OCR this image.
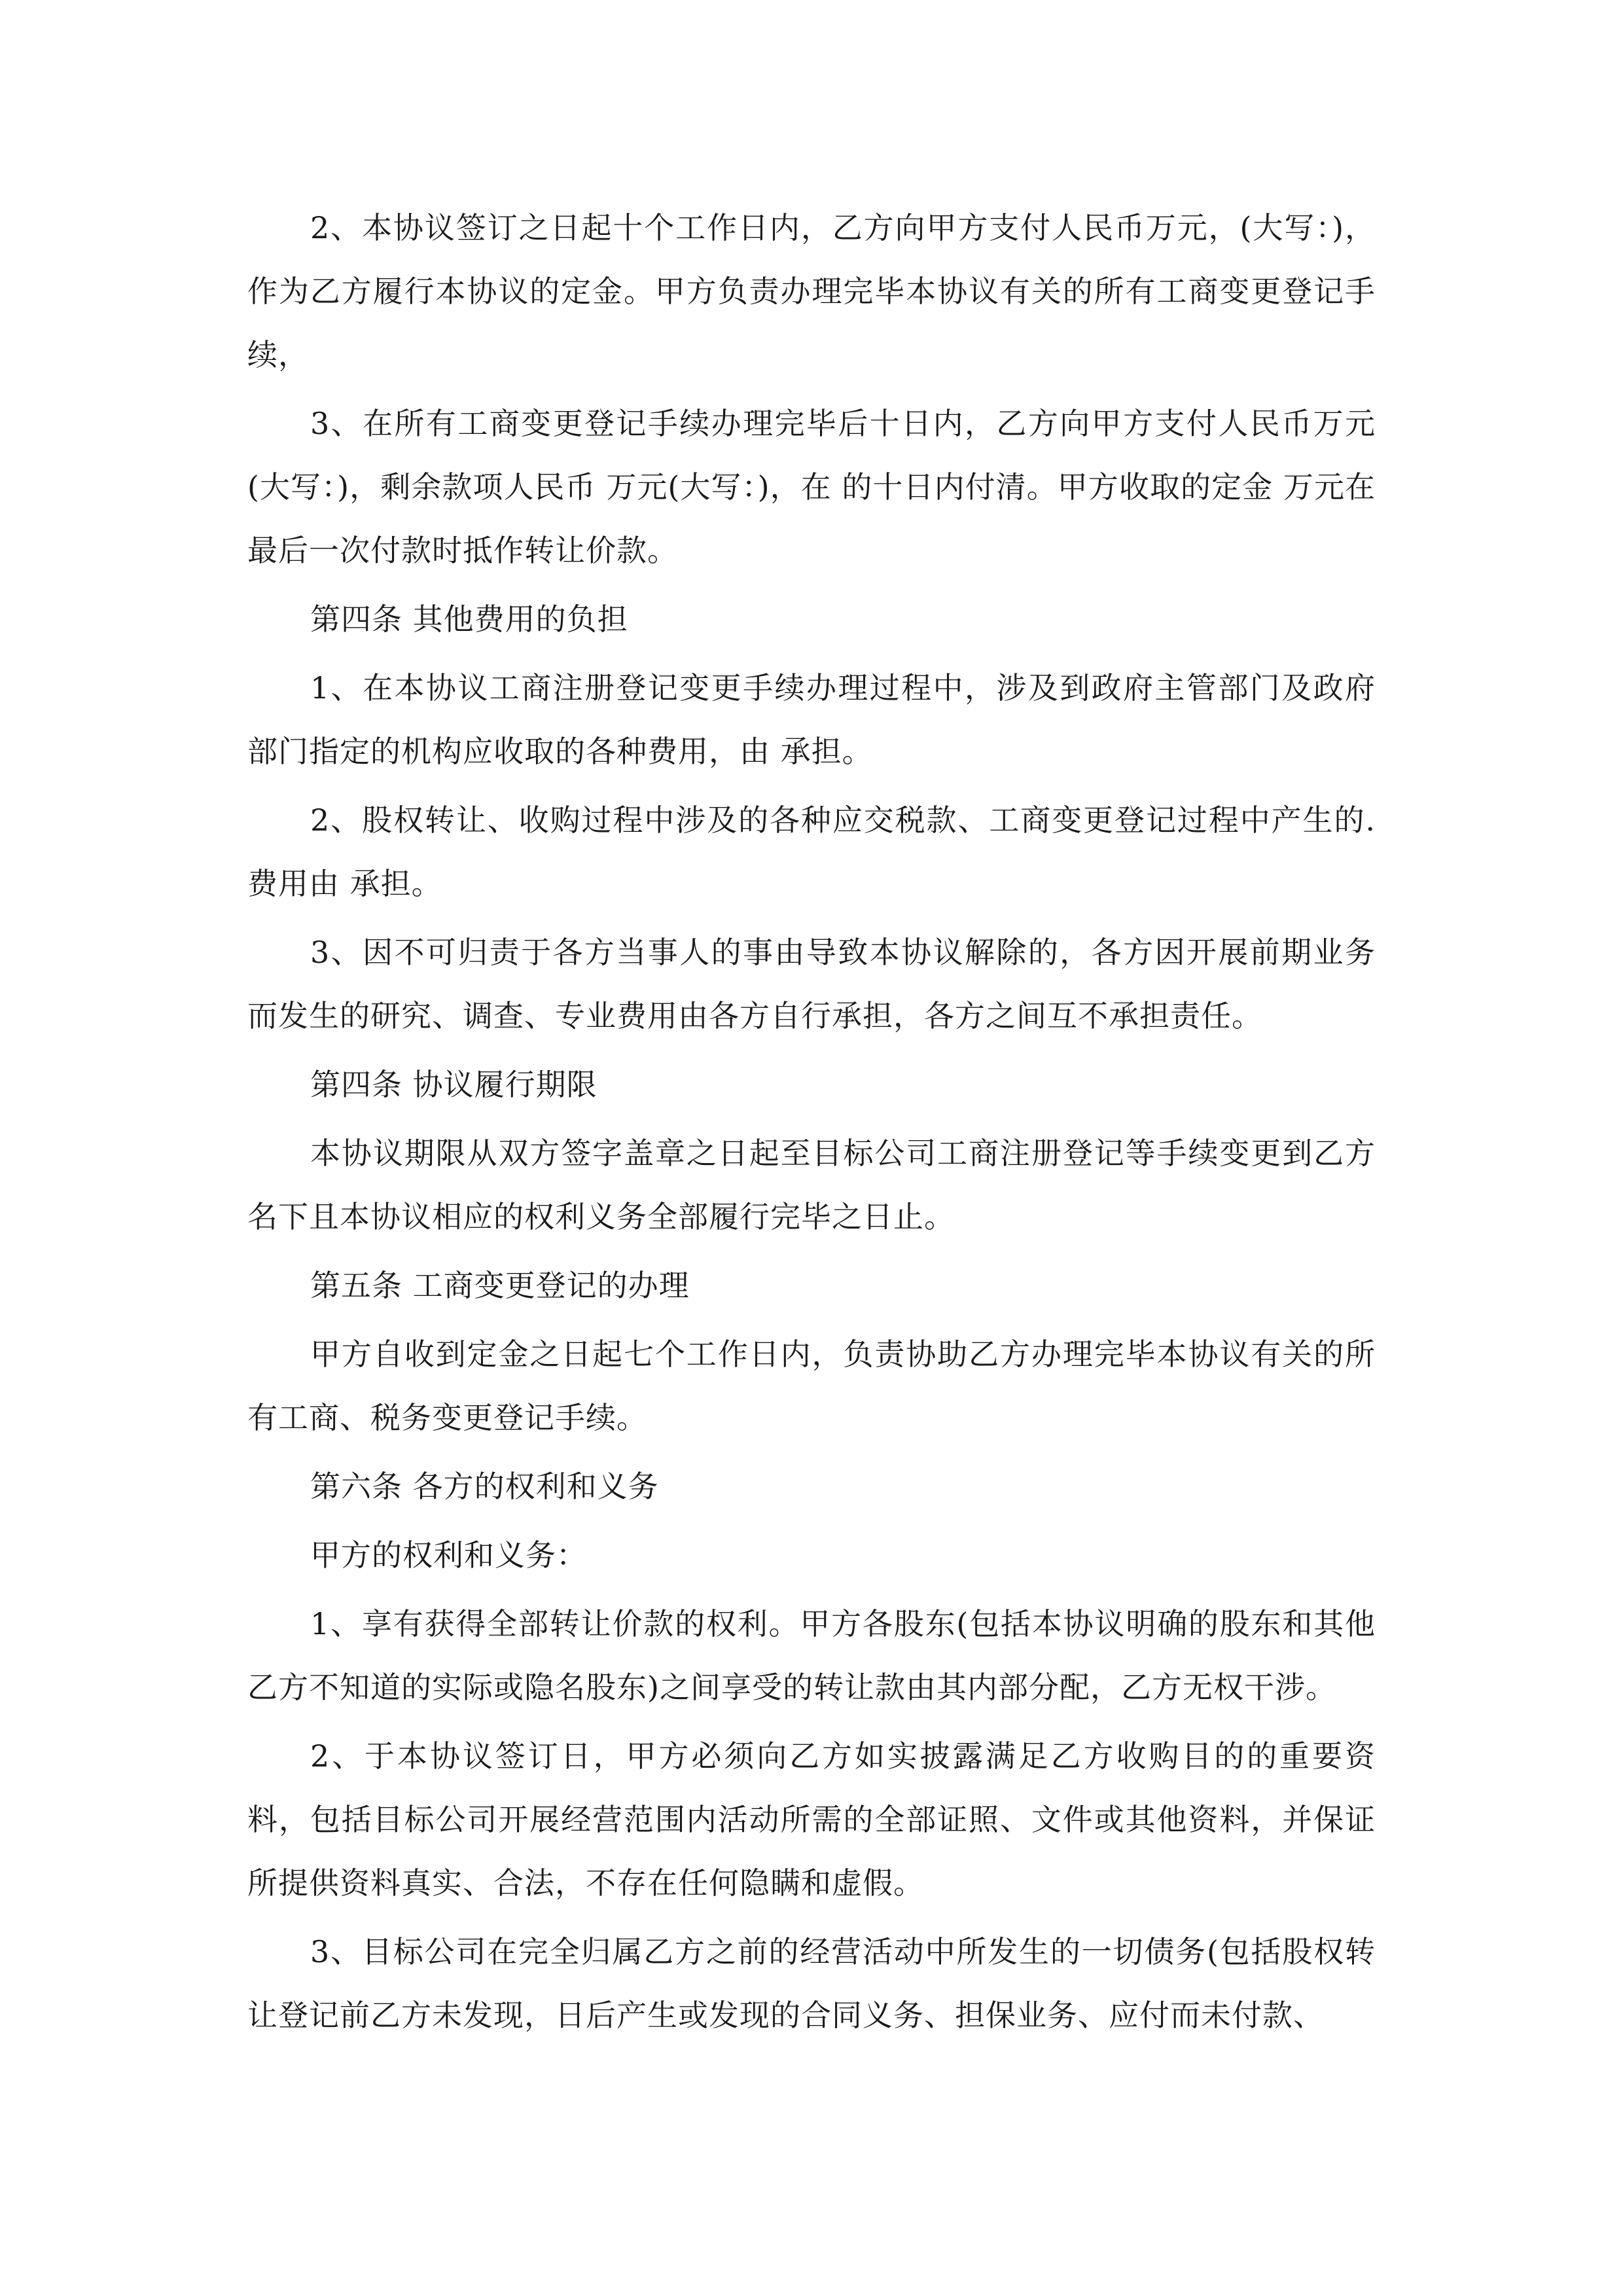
2、本协议签订之日起十个工作日内，乙方向甲方支付人民币万元，(大写：)，作为乙方履行本协议的定金。甲方负责办理完毕本协议有关的所有工商变更登记手续，

3、在所有工商变更登记手续办理完毕后十日内，乙方向甲方支付人民币万元(大写：)，剩余款项人民币 万元(大写：)，在 的十日内付清。甲方收取的定金 万元在最后一次付款时抵作转让价款。

第四条 其他费用的负担

1、在本协议工商注册登记变更手续办理过程中，涉及到政府主管部门及政府部门指定的机构应收取的各种费用，由 承担。

2、股权转让、收购过程中涉及的各种应交税款、工商变更登记过程中产生的.费用由 承担。

3、因不可归责于各方当事人的事由导致本协议解除的，各方因开展前期业务而发生的研究、调查、专业费用由各方自行承担，各方之间互不承担责任。

第四条 协议履行期限

本协议期限从双方签字盖章之日起至目标公司工商注册登记等手续变更到乙方名下且本协议相应的权利义务全部履行完毕之日止。

第五条 工商变更登记的办理

甲方自收到定金之日起七个工作日内，负责协助乙方办理完毕本协议有关的所有工商、税务变更登记手续。

第六条 各方的权利和义务

甲方的权利和义务：

1、享有获得全部转让价款的权利。甲方各股东(包括本协议明确的股东和其他乙方不知道的实际或隐名股东)之间享受的转让款由其内部分配，乙方无权干涉。

2、于本协议签订日，甲方必须向乙方如实披露满足乙方收购目的的重要资料，包括目标公司开展经营范围内活动所需的全部证照、文件或其他资料，并保证所提供资料真实、合法，不存在任何隐瞒和虚假。

3、目标公司在完全归属乙方之前的经营活动中所发生的一切债务(包括股权转让登记前乙方未发现，日后产生或发现的合同义务、担保业务、应付而未付款、
